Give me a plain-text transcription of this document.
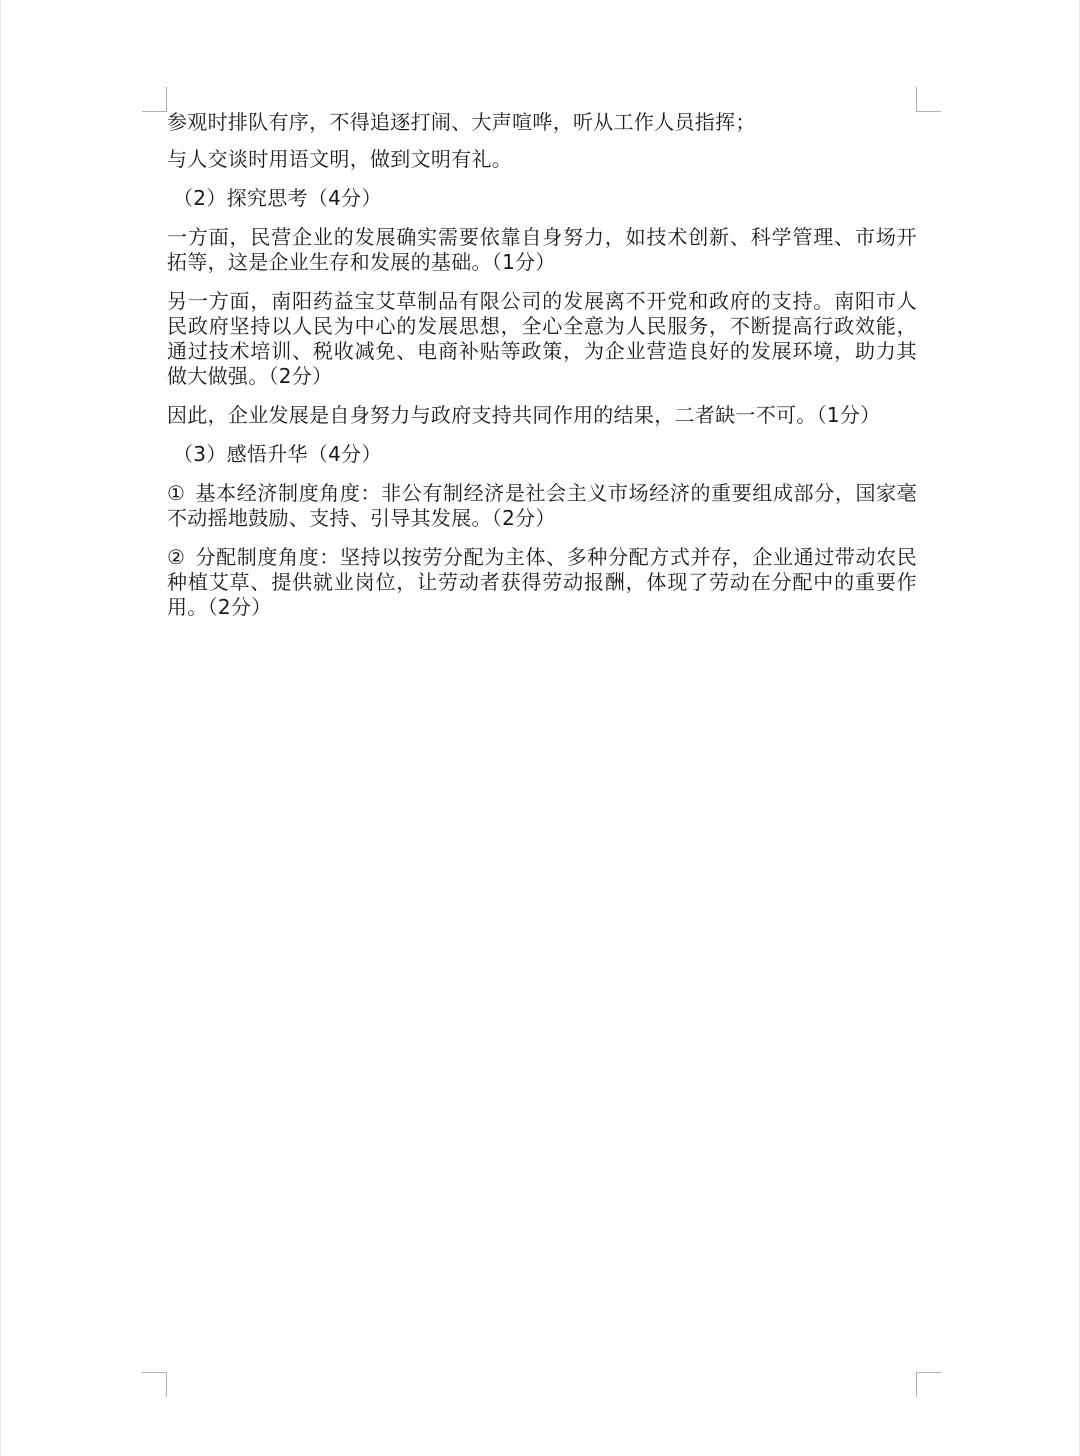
参观时排队有序，不得追逐打闹、大声喧哗，听从工作人员指挥；

与人交谈时用语文明，做到文明有礼。

（2）探究思考（4分）

一方面，民营企业的发展确实需要依靠自身努力，如技术创新、科学管理、市场开拓等，这是企业生存和发展的基础。（1分）

另一方面，南阳药益宝艾草制品有限公司的发展离不开党和政府的支持。南阳市人民政府坚持以人民为中心的发展思想，全心全意为人民服务，不断提高行政效能，通过技术培训、税收减免、电商补贴等政策，为企业营造良好的发展环境，助力其做大做强。（2分）

因此，企业发展是自身努力与政府支持共同作用的结果，二者缺一不可。（1分）

（3）感悟升华（4分）

① 基本经济制度角度：非公有制经济是社会主义市场经济的重要组成部分，国家毫不动摇地鼓励、支持、引导其发展。（2分）

② 分配制度角度：坚持以按劳分配为主体、多种分配方式并存，企业通过带动农民种植艾草、提供就业岗位，让劳动者获得劳动报酬，体现了劳动在分配中的重要作用。（2分）
